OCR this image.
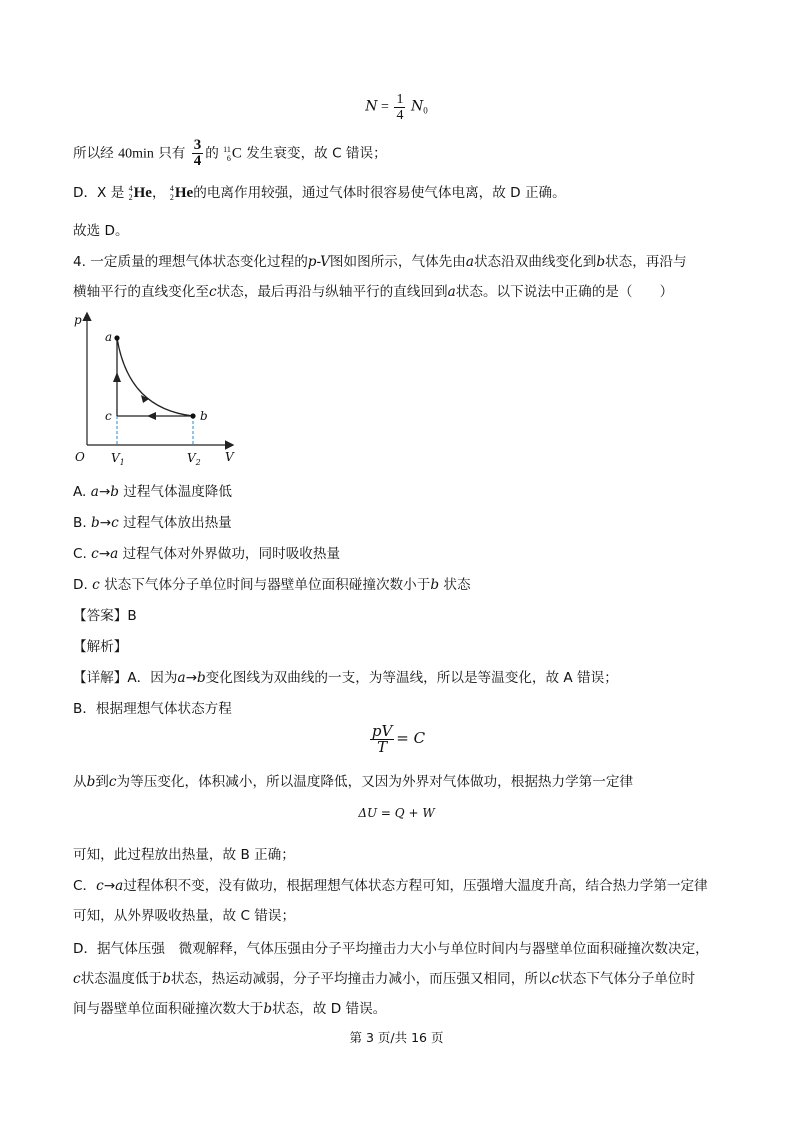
$N = \frac{1}{4} N_0$
所以经 40min 只有 $\frac{3}{4}$ 的 11
6 C 发生衰变，故 C 错误；
D．X 是 4
2 He， 4
2 He的电离作用较强，通过气体时很容易使气体电离，故 D 正确。
故选 D。
4. 一定质量的理想气体状态变化过程的p-V图如图所示，气体先由a状态沿双曲线变化到b状态，再沿与
横轴平行的直线变化至c状态，最后再沿与纵轴平行的直线回到a状态。以下说法中正确的是（　　）
p
V
O
a
b
c
$V_1$	$V_2$
A. a→b 过程气体温度降低
B. b→c 过程气体放出热量
C. c→a 过程气体对外界做功，同时吸收热量
D. c 状态下气体分子单位时间与器壁单位面积碰撞次数小于b 状态
【答案】B
【解析】
【详解】A．因为a→b变化图线为双曲线的一支，为等温线，所以是等温变化，故 A 错误；
B．根据理想气体状态方程
$\frac{pV}{T} = C$
从b到c为等压变化，体积减小，所以温度降低，又因为外界对气体做功，根据热力学第一定律
ΔU = Q + W
可知，此过程放出热量，故 B 正确；
C．c→a过程体积不变，没有做功，根据理想气体状态方程可知，压强增大温度升高，结合热力学第一定律
可知，从外界吸收热量，故 C 错误；
D．据气体压强　微观解释，气体压强由分子平均撞击力大小与单位时间内与器壁单位面积碰撞次数决定，
c状态温度低于b状态，热运动减弱，分子平均撞击力减小，而压强又相同，所以c状态下气体分子单位时
间与器壁单位面积碰撞次数大于b状态，故 D 错误。
第 3 页/共 16 页
